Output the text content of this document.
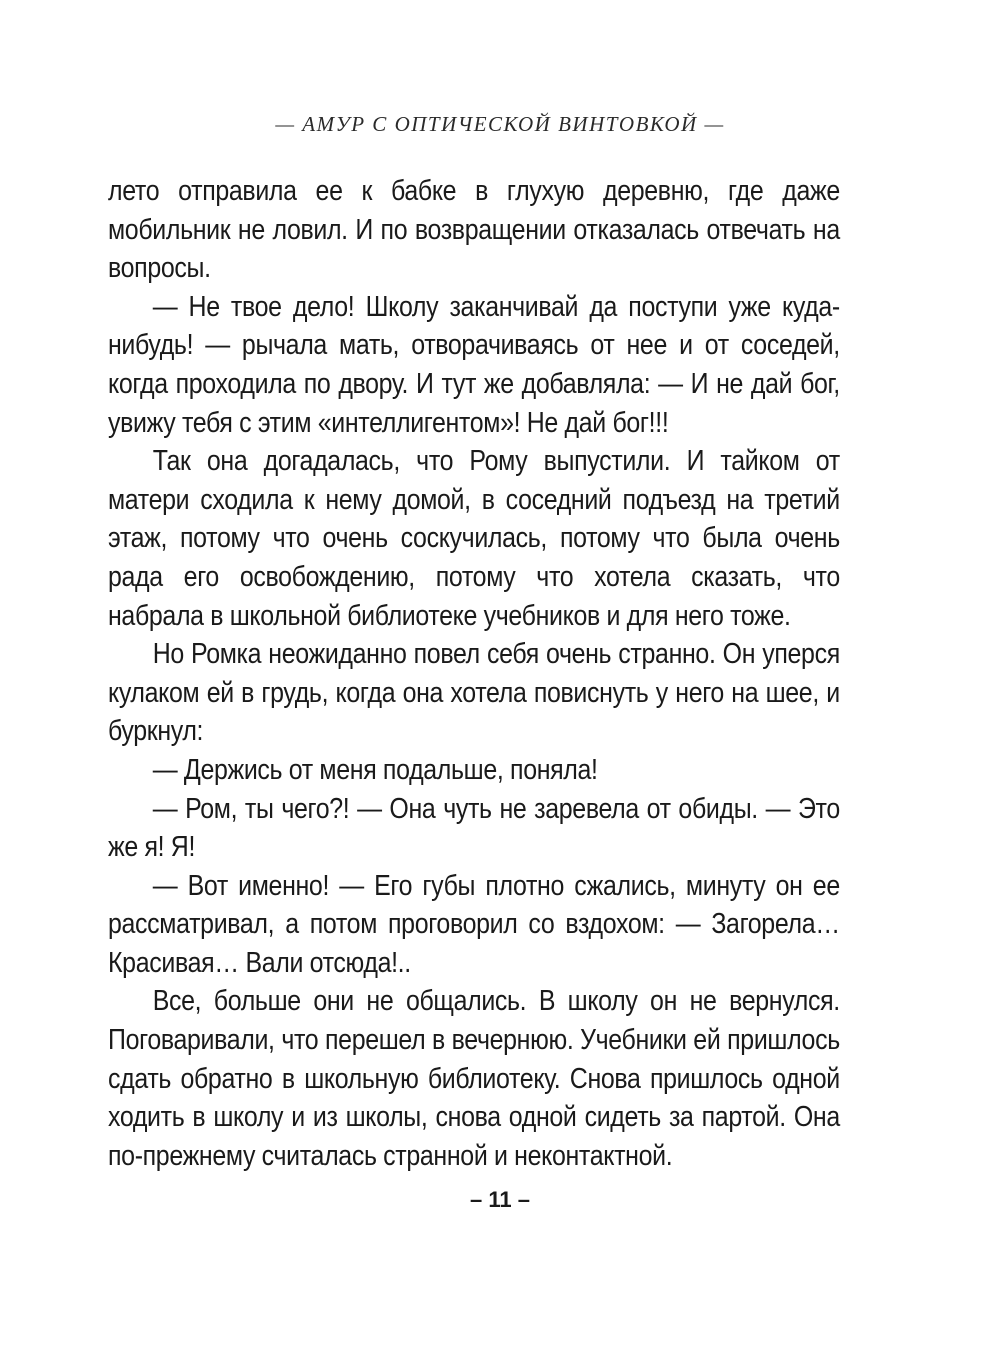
— АМУР С ОПТИЧЕСКОЙ ВИНТОВКОЙ —

лето отправила ее к бабке в глухую деревню, где даже мобильник не ловил. И по возвращении отказалась отвечать на вопросы.

— Не твое дело! Школу заканчивай да поступи уже куда-нибудь! — рычала мать, отворачиваясь от нее и от соседей, когда проходила по двору. И тут же добавляла: — И не дай бог, увижу тебя с этим «интеллигентом»! Не дай бог!!!

Так она догадалась, что Рому выпустили. И тайком от матери сходила к нему домой, в соседний подъезд на третий этаж, потому что очень соскучилась, потому что была очень рада его освобождению, потому что хотела сказать, что набрала в школьной библиотеке учебников и для него тоже.

Но Ромка неожиданно повел себя очень странно. Он уперся кулаком ей в грудь, когда она хотела повиснуть у него на шее, и буркнул:

— Держись от меня подальше, поняла!

— Ром, ты чего?! — Она чуть не заревела от обиды. — Это же я! Я!

— Вот именно! — Его губы плотно сжались, минуту он ее рассматривал, а потом проговорил со вздохом: — Загорела… Красивая… Вали отсюда!..

Все, больше они не общались. В школу он не вернулся. Поговаривали, что перешел в вечернюю. Учебники ей пришлось сдать обратно в школьную библиотеку. Снова пришлось одной ходить в школу и из школы, снова одной сидеть за партой. Она по-прежнему считалась странной и неконтактной.

– 11 –
